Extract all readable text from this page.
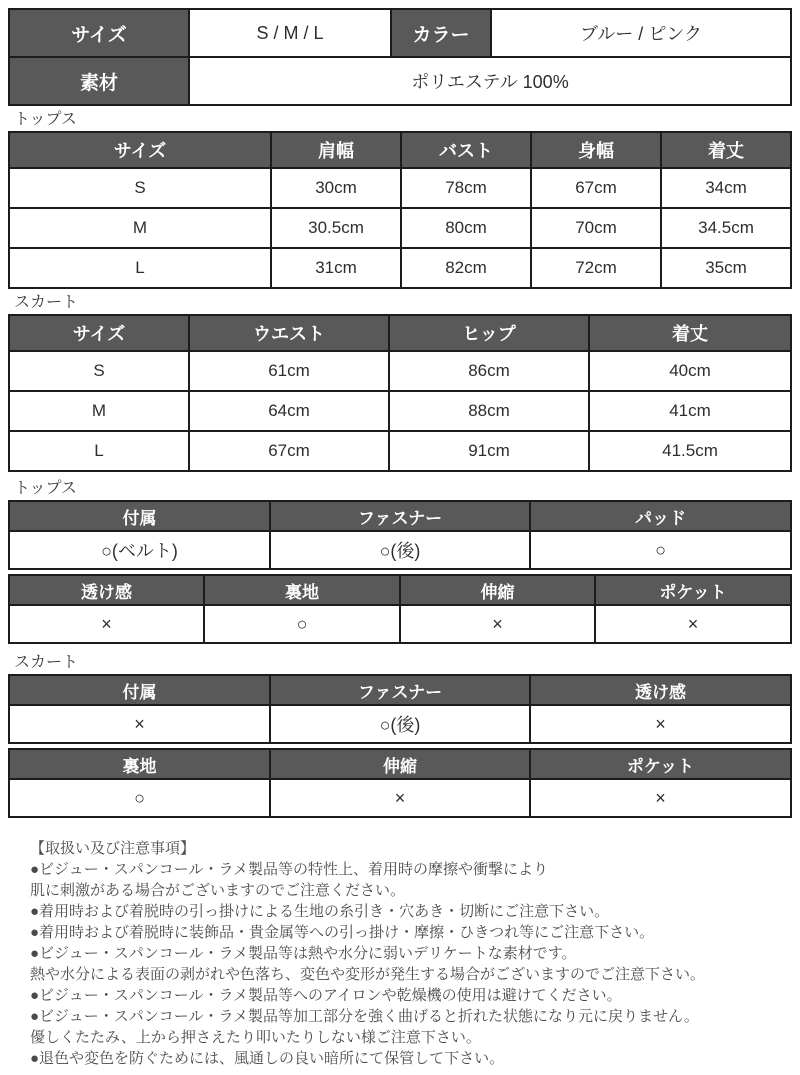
サイズ	S / M / L	カラー	ブルー / ピンク
素材	ポリエステル 100%		
トップス
サイズ	肩幅	バスト	身幅	着丈
S	30cm	78cm	67cm	34cm
M	30.5cm	80cm	70cm	34.5cm
L	31cm	82cm	72cm	35cm
スカート
サイズ	ウエスト	ヒップ	着丈
S	61cm	86cm	40cm
M	64cm	88cm	41cm
L	67cm	91cm	41.5cm
トップス
付属	ファスナー	パッド
○(ベルト)	○(後)	○
透け感	裏地	伸縮	ポケット
×	○	×	×
スカート
付属	ファスナー	透け感
×	○(後)	×
裏地	伸縮	ポケット
○	×	×
【取扱い及び注意事項】
●ビジュー・スパンコール・ラメ製品等の特性上、着用時の摩擦や衝撃により
肌に刺激がある場合がございますのでご注意ください。
●着用時および着脱時の引っ掛けによる生地の糸引き・穴あき・切断にご注意下さい。
●着用時および着脱時に装飾品・貴金属等への引っ掛け・摩擦・ひきつれ等にご注意下さい。
●ビジュー・スパンコール・ラメ製品等は熱や水分に弱いデリケートな素材です。
熱や水分による表面の剥がれや色落ち、変色や変形が発生する場合がございますのでご注意下さい。
●ビジュー・スパンコール・ラメ製品等へのアイロンや乾燥機の使用は避けてください。
●ビジュー・スパンコール・ラメ製品等加工部分を強く曲げると折れた状態になり元に戻りません。
優しくたたみ、上から押さえたり叩いたりしない様ご注意下さい。
●退色や変色を防ぐためには、風通しの良い暗所にて保管して下さい。
